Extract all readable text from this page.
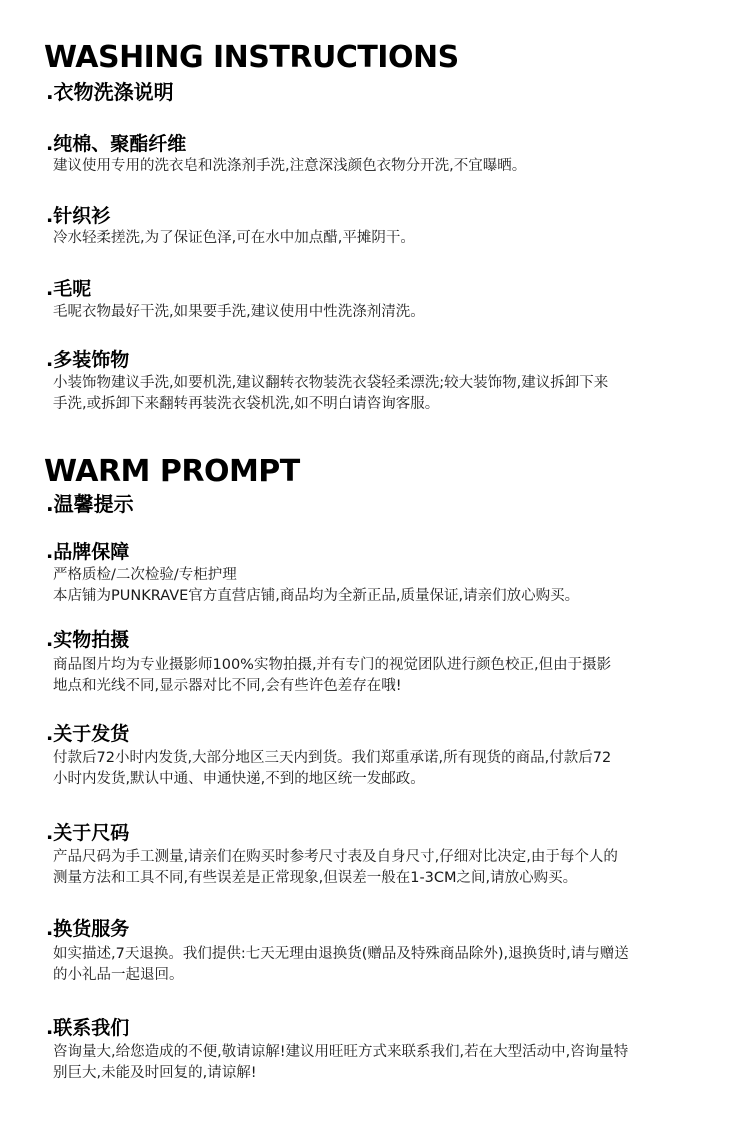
WASHING INSTRUCTIONS
.衣物洗涤说明
.纯棉、聚酯纤维
建议使用专用的洗衣皂和洗涤剂手洗,注意深浅颜色衣物分开洗,不宜曝晒。
.针织衫
冷水轻柔搓洗,为了保证色泽,可在水中加点醋,平摊阴干。
.毛呢
毛呢衣物最好干洗,如果要手洗,建议使用中性洗涤剂清洗。
.多装饰物
小装饰物建议手洗,如要机洗,建议翻转衣物装洗衣袋轻柔漂洗;较大装饰物,建议拆卸下来
手洗,或拆卸下来翻转再装洗衣袋机洗,如不明白请咨询客服。
WARM PROMPT
.温馨提示
.品牌保障
严格质检/二次检验/专柜护理
本店铺为PUNKRAVE官方直营店铺,商品均为全新正品,质量保证,请亲们放心购买。
.实物拍摄
商品图片均为专业摄影师100%实物拍摄,并有专门的视觉团队进行颜色校正,但由于摄影
地点和光线不同,显示器对比不同,会有些许色差存在哦!
.关于发货
付款后72小时内发货,大部分地区三天内到货。我们郑重承诺,所有现货的商品,付款后72
小时内发货,默认中通、申通快递,不到的地区统一发邮政。
.关于尺码
产品尺码为手工测量,请亲们在购买时参考尺寸表及自身尺寸,仔细对比决定,由于每个人的
测量方法和工具不同,有些误差是正常现象,但误差一般在1-3CM之间,请放心购买。
.换货服务
如实描述,7天退换。我们提供:七天无理由退换货(赠品及特殊商品除外),退换货时,请与赠送
的小礼品一起退回。
.联系我们
咨询量大,给您造成的不便,敬请谅解!建议用旺旺方式来联系我们,若在大型活动中,咨询量特
别巨大,未能及时回复的,请谅解!
